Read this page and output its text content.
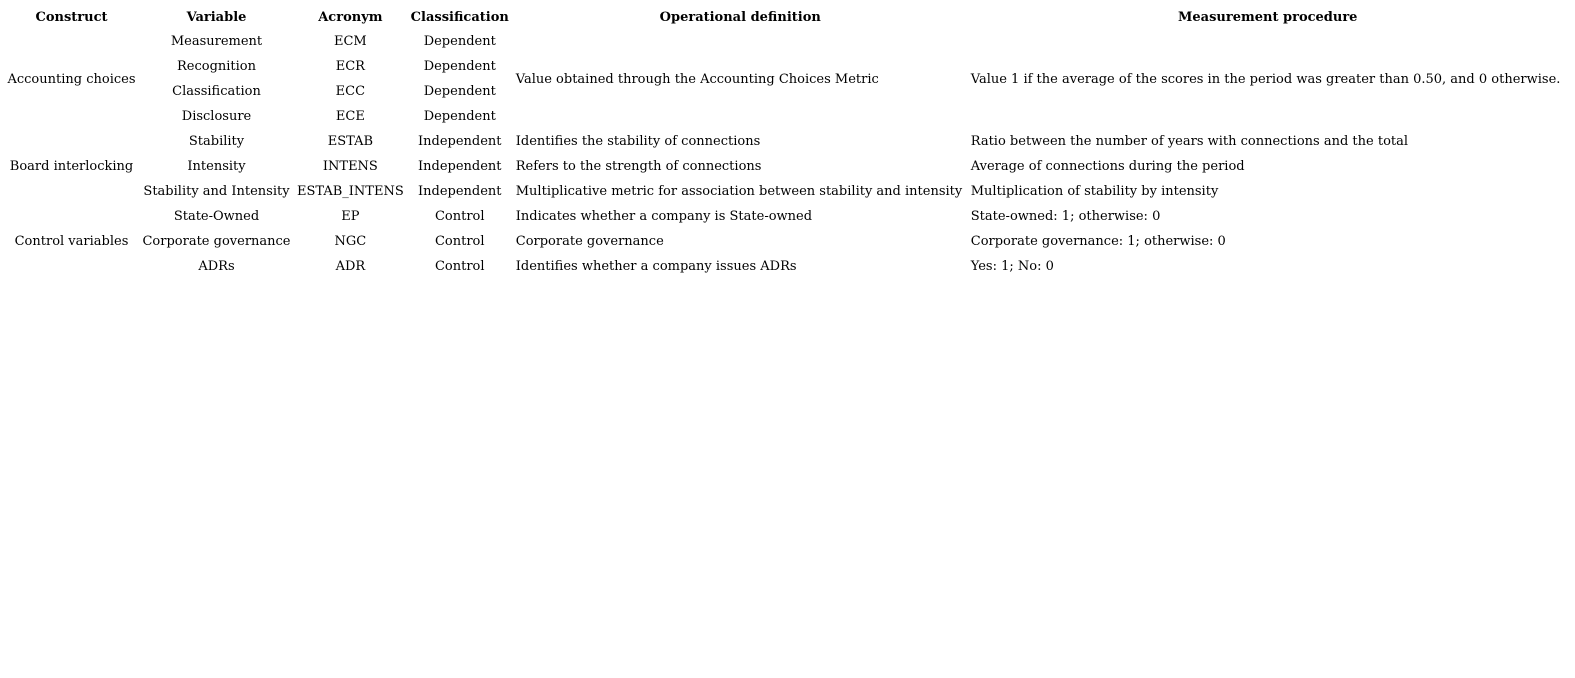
Construct	Variable	Acronym	Classification	Operational definition	Measurement procedure
Accounting choices	Measurement	ECM	Dependent	Value obtained through the Accounting Choices Metric	Value 1 if the average of the scores in the period was greater than 0.50, and 0 otherwise.
	Recognition	ECR	Dependent		
	Classification	ECC	Dependent		
	Disclosure	ECE	Dependent		
Board interlocking	Stability	ESTAB	Independent	Identifies the stability of connections	Ratio between the number of years with connections and the total
	Intensity	INTENS	Independent	Refers to the strength of connections	Average of connections during the period
	Stability and Intensity	ESTAB_INTENS	Independent	Multiplicative metric for association between stability and intensity	Multiplication of stability by intensity
Control variables	State-Owned	EP	Control	Indicates whether a company is State-owned	State-owned: 1; otherwise: 0
	Corporate governance	NGC	Control	Corporate governance	Corporate governance: 1; otherwise: 0
	ADRs	ADR	Control	Identifies whether a company issues ADRs	Yes: 1; No: 0
